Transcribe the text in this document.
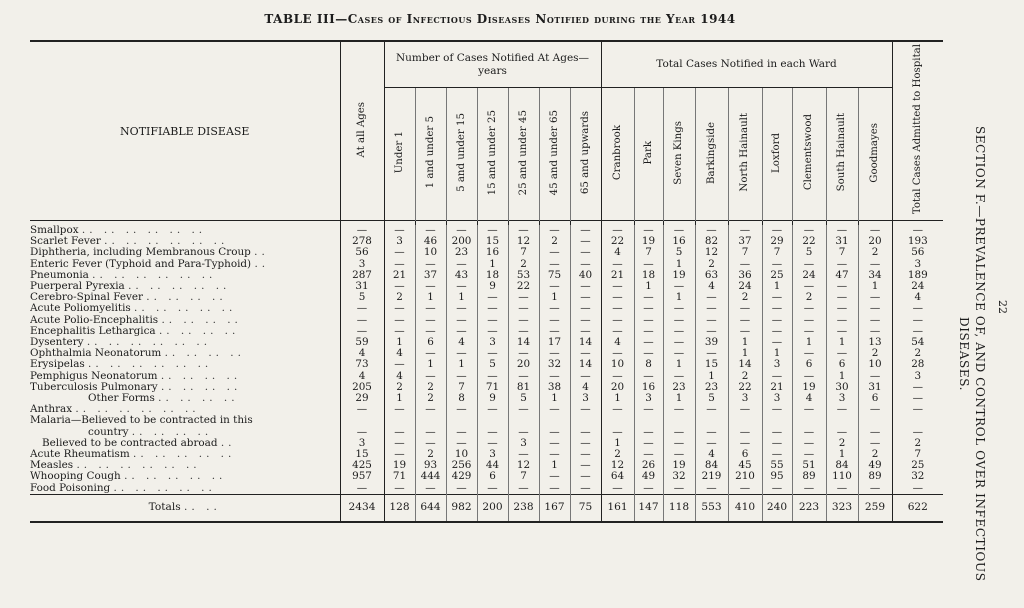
TABLE III—Cases of Infectious Diseases Notified during the Year 1944
SECTION F.—PREVALENCE OF, AND CONTROL OVER INFECTIOUS DISEASES.
22
NOTIFIABLE DISEASE	At all Ages	Number of Cases Notified At Ages—years							Total Cases Notified in each Ward									Total Cases Admitted to Hospital
		Under 1	1 and under 5	5 and under 15	15 and under 25	25 and under 45	45 and under 65	65 and upwards	Cranbrook	Park	Seven Kings	Barkingside	North Hainault	Loxford	Clementswood	South Hainault	Goodmayes	

Smallpox .. .. .. .. .. ..	—	—	—	—	—	—	—	—	—	—	—	—	—	—	—	—	—	—
Scarlet Fever .. .. .. .. .. ..	278	3	46	200	15	12	2	—	22	19	16	82	37	29	22	31	20	193
Diphtheria, including Membranous Croup ..	56	—	10	23	16	7	—	—	4	7	5	12	7	7	5	7	2	56
Enteric Fever (Typhoid and Para-Typhoid) ..	3	—	—	—	1	2	—	—	—	—	1	2	—	—	—	—	—	3
Pneumonia .. .. .. .. .. ..	287	21	37	43	18	53	75	40	21	18	19	63	36	25	24	47	34	189
Puerperal Pyrexia .. .. .. .. ..	31	—	—	—	9	22	—	—	—	1	—	4	24	1	—	—	1	24
Cerebro-Spinal Fever .. .. .. ..	5	2	1	1	—	—	1	—	—	—	1	—	2	—	2	—	—	4
Acute Poliomyelitis .. .. .. .. ..	—	—	—	—	—	—	—	—	—	—	—	—	—	—	—	—	—	—
Acute Polio-Encephalitis .. .. .. ..	—	—	—	—	—	—	—	—	—	—	—	—	—	—	—	—	—	—
Encephalitis Lethargica .. .. .. ..	—	—	—	—	—	—	—	—	—	—	—	—	—	—	—	—	—	—
Dysentery .. .. .. .. .. ..	59	1	6	4	3	14	17	14	4	—	—	39	1	—	1	1	13	54
Ophthalmia Neonatorum .. .. .. ..	4	4	—	—	—	—	—	—	—	—	—	—	1	1	—	—	2	2
Erysipelas .. .. .. .. .. ..	73	—	1	1	5	20	32	14	10	8	1	15	14	3	6	6	10	28
Pemphigus Neonatorum .. .. .. ..	4	4	—	—	—	—	—	—	—	—	—	1	2	—	—	1	—	3
Tuberculosis Pulmonary .. .. .. ..	205	2	2	7	71	81	38	4	20	16	23	23	22	21	19	30	31	—
Other Forms .. .. .. ..	29	1	2	8	9	5	1	3	1	3	1	5	3	3	4	3	6	—
Anthrax .. .. .. .. .. ..	—	—	—	—	—	—	—	—	—	—	—	—	—	—	—	—	—	—
Malaria—Believed to be contracted in this																		
country .. .. .. ..	—	—	—	—	—	—	—	—	—	—	—	—	—	—	—	—	—	—
Believed to be contracted abroad ..	3	—	—	—	—	3	—	—	1	—	—	—	—	—	—	2	—	2
Acute Rheumatism .. .. .. .. ..	15	—	2	10	3	—	—	—	2	—	—	4	6	—	—	1	2	7
Measles .. .. .. .. .. ..	425	19	93	256	44	12	1	—	12	26	19	84	45	55	51	84	49	25
Whooping Cough .. .. .. .. ..	957	71	444	429	6	7	—	—	64	49	32	219	210	95	89	110	89	32
Food Poisoning .. .. .. .. ..	—	—	—	—	—	—	—	—	—	—	—	—	—	—	—	—	—	—
Totals .. ..	2434	128	644	982	200	238	167	75	161	147	118	553	410	240	223	323	259	622
